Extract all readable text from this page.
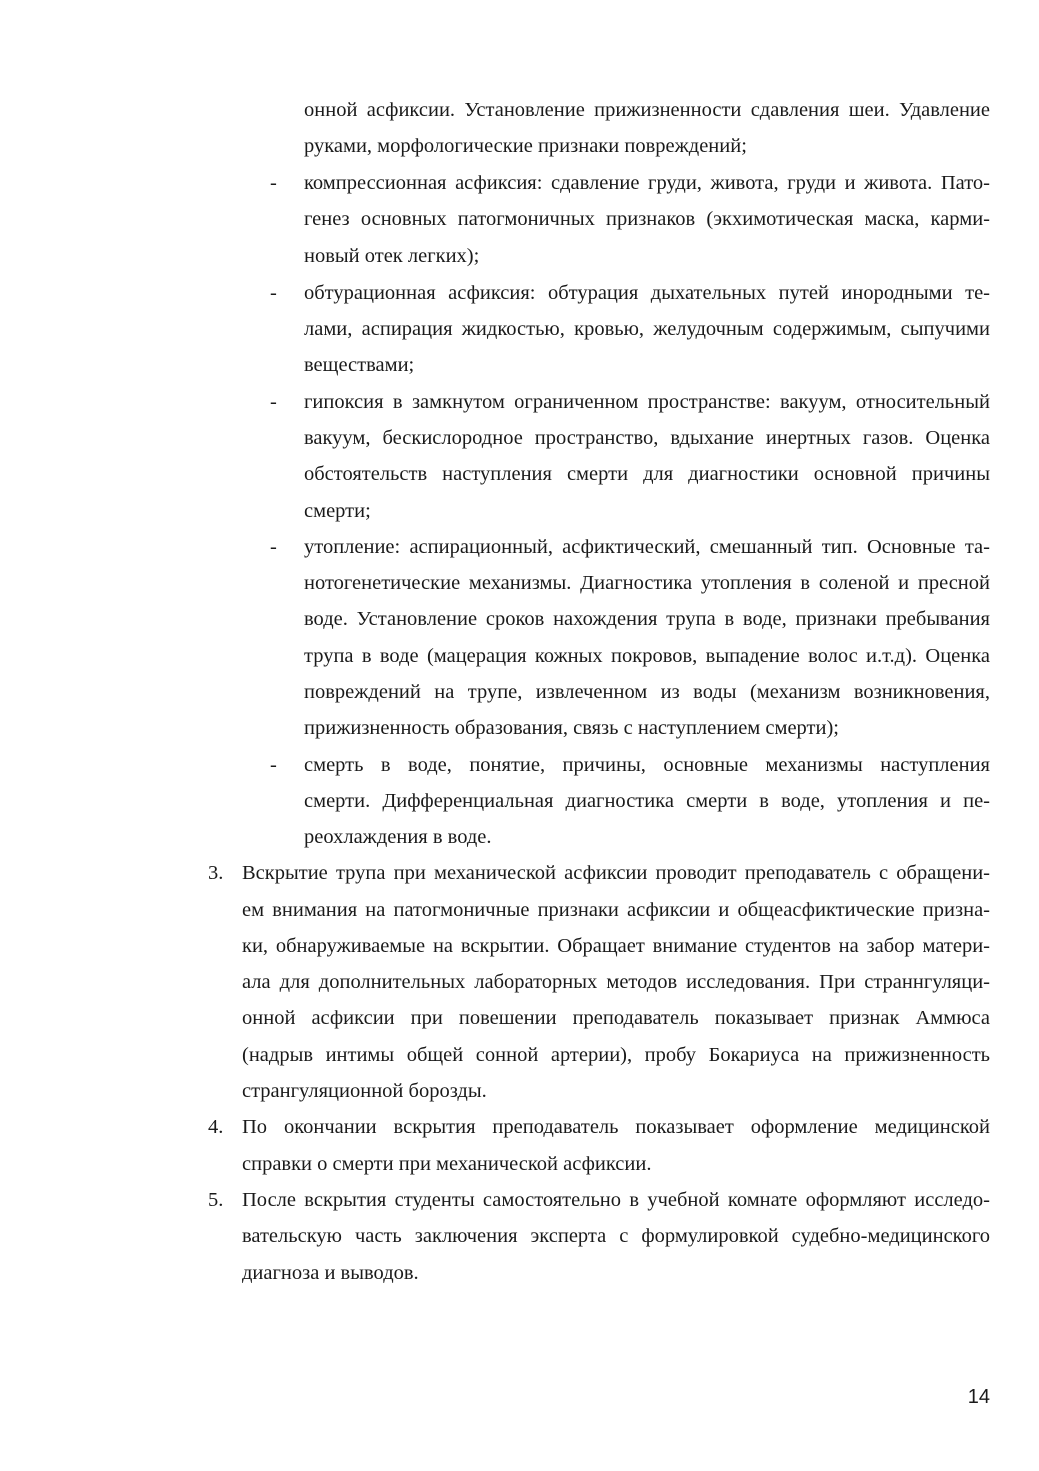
онной асфиксии. Установление прижизненности сдавления шеи. Удавление
руками, морфологические признаки повреждений;
- компрессионная асфиксия: сдавление груди, живота, груди и живота. Пато-
генез основных патогмоничных признаков (экхимотическая маска, карми-
новый отек легких);
- обтурационная асфиксия: обтурация дыхательных путей инородными те-
лами, аспирация жидкостью, кровью, желудочным содержимым, сыпучими
веществами;
- гипоксия в замкнутом ограниченном пространстве: вакуум, относительный
вакуум, бескислородное пространство, вдыхание инертных газов. Оценка
обстоятельств наступления смерти для диагностики основной причины
смерти;
- утопление: аспирационный, асфиктический, смешанный тип. Основные та-
нотогенетические механизмы. Диагностика утопления в соленой и пресной
воде. Установление сроков нахождения трупа в воде, признаки пребывания
трупа в воде (мацерация кожных покровов, выпадение волос и.т.д). Оценка
повреждений на трупе, извлеченном из воды (механизм возникновения,
прижизненность образования, связь с наступлением смерти);
- смерть в воде, понятие, причины, основные механизмы наступления
смерти. Дифференциальная диагностика смерти в воде, утопления и пе-
реохлаждения в воде.
3. Вскрытие трупа при механической асфиксии проводит преподаватель с обращени-
ем внимания на патогмоничные признаки асфиксии и общеасфиктические призна-
ки, обнаруживаемые на вскрытии. Обращает внимание студентов на забор матери-
ала для дополнительных лабораторных методов исследования. При страннгуляци-
онной асфиксии при повешении преподаватель показывает признак Аммюса
(надрыв интимы общей сонной артерии), пробу Бокариуса на прижизненность
странгуляционной борозды.
4. По окончании вскрытия преподаватель показывает оформление медицинской
справки о смерти при механической асфиксии.
5. После вскрытия студенты самостоятельно в учебной комнате оформляют исследо-
вательскую часть заключения эксперта с формулировкой судебно-медицинского
диагноза и выводов.
14
